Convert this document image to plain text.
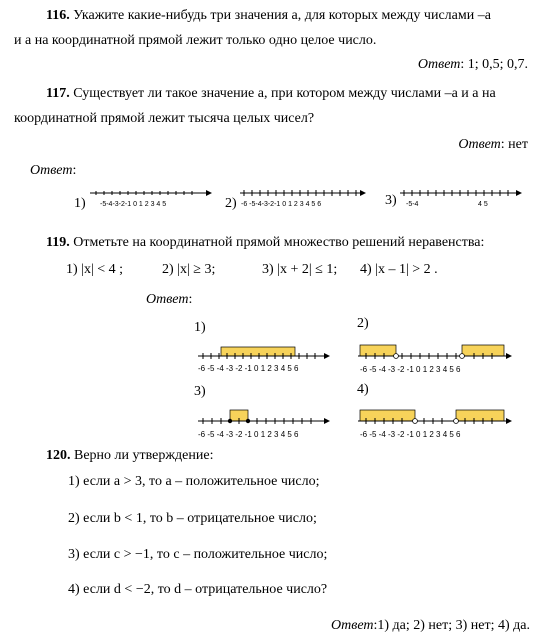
116. Укажите какие-нибудь три значения a, для которых между числами –a
и a на координатной прямой лежит только одно целое число.
Ответ: 1; 0,5; 0,7.
117. Существует ли такое значение a, при котором между числами –a и a на
координатной прямой лежит тысяча целых чисел?
Ответ: нет
Ответ:
1) -5-4-3-2-1 0 1 2 3 4 5	2) -6 -5-4-3-2-1 0 1 2 3 4 5 6	3) -5-4	4 5
119. Отметьте на координатной прямой множество решений неравенства:
1) |x| < 4 ;	2) |x| ≥ 3;	3) |x + 2| ≤ 1; 4) |x – 1| > 2 .
Ответ:
1)
-6 -5 -4 -3 -2 -1 0 1 2 3 4 5 6
2)
-6 -5 -4 -3 -2 -1 0 1 2 3 4 5 6
3)
-6 -5 -4 -3 -2 -1 0 1 2 3 4 5 6
4)
-6 -5 -4 -3 -2 -1 0 1 2 3 4 5 6
120. Верно ли утверждение:
1) если a > 3, то a – положительное число;
2) если b < 1, то b – отрицательное число;
3) если c > −1, то c – положительное число;
4) если d < −2, то d – отрицательное число?
Ответ:1) да; 2) нет; 3) нет; 4) да.
